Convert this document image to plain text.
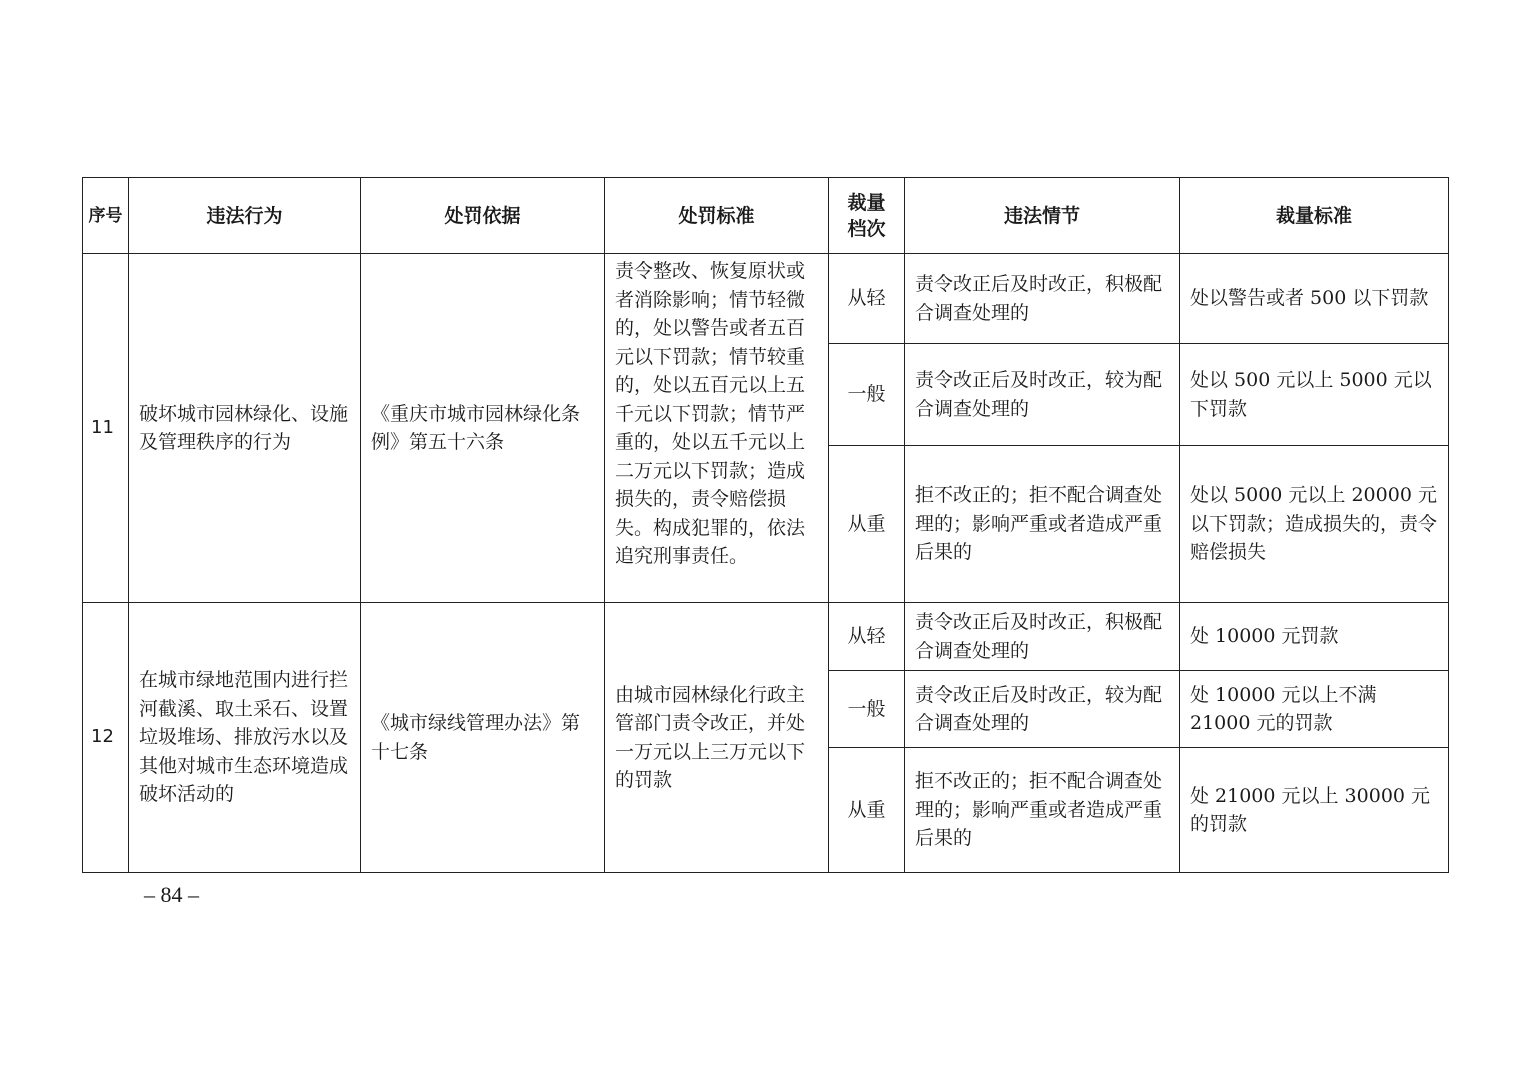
序号	违法行为	处罚依据	处罚标准	裁量档次	违法情节	裁量标准
11	破坏城市园林绿化、设施及管理秩序的行为	《重庆市城市园林绿化条例》第五十六条	责令整改、恢复原状或者消除影响；情节轻微的，处以警告或者五百元以下罚款；情节较重的，处以五百元以上五千元以下罚款；情节严重的，处以五千元以上二万元以下罚款；造成损失的，责令赔偿损失。构成犯罪的，依法追究刑事责任。	从轻	责令改正后及时改正，积极配合调查处理的	处以警告或者 500 以下罚款
				一般	责令改正后及时改正，较为配合调查处理的	处以 500 元以上 5000 元以下罚款
				从重	拒不改正的；拒不配合调查处理的；影响严重或者造成严重后果的	处以 5000 元以上 20000 元以下罚款；造成损失的，责令赔偿损失
12	在城市绿地范围内进行拦河截溪、取土采石、设置垃圾堆场、排放污水以及其他对城市生态环境造成破坏活动的	《城市绿线管理办法》第十七条	由城市园林绿化行政主管部门责令改正，并处一万元以上三万元以下的罚款	从轻	责令改正后及时改正，积极配合调查处理的	处 10000 元罚款
				一般	责令改正后及时改正，较为配合调查处理的	处 10000 元以上不满 21000 元的罚款
				从重	拒不改正的；拒不配合调查处理的；影响严重或者造成严重后果的	处 21000 元以上 30000 元的罚款
– 84 –
